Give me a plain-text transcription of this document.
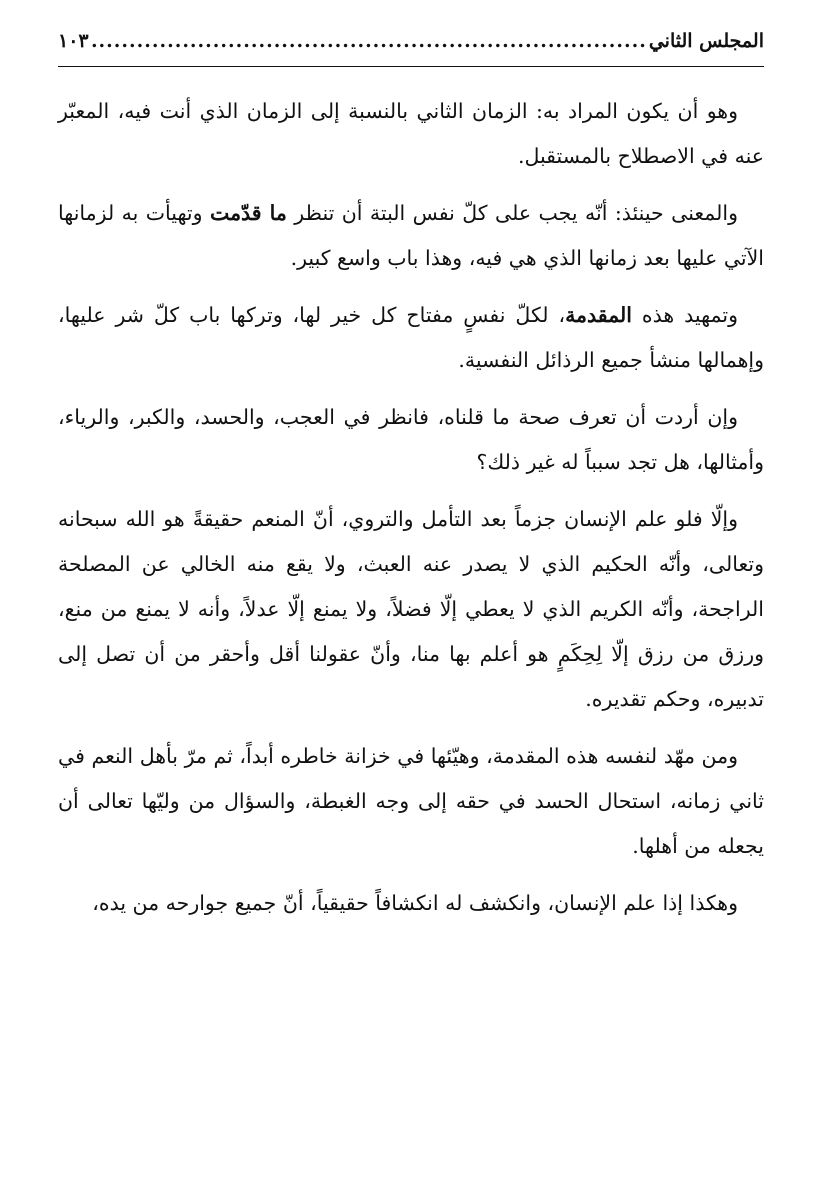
المجلس الثاني
.....
١٠٣

وهو أن يكون المراد به: الزمان الثاني بالنسبة إلى الزمان الذي أنت فيه، المعبّر عنه في الاصطلاح بالمستقبل.

والمعنى حينئذ: أنّه يجب على كلّ نفس البتة أن تنظر ما قدّمت وتهيأت به لزمانها الآتي عليها بعد زمانها الذي هي فيه، وهذا باب واسع كبير.

وتمهيد هذه المقدمة، لكلّ نفسٍ مفتاح كل خير لها، وتركها باب كلّ شر عليها، وإهمالها منشأ جميع الرذائل النفسية.

وإن أردت أن تعرف صحة ما قلناه، فانظر في العجب، والحسد، والكبر، والرياء، وأمثالها، هل تجد سبباً له غير ذلك؟

وإلّا فلو علم الإنسان جزماً بعد التأمل والتروي، أنّ المنعم حقيقةً هو الله سبحانه وتعالى، وأنّه الحكيم الذي لا يصدر عنه العبث، ولا يقع منه الخالي عن المصلحة الراجحة، وأنّه الكريم الذي لا يعطي إلّا فضلاً، ولا يمنع إلّا عدلاً، وأنه لا يمنع من منع، ورزق من رزق إلّا لِحِكَمٍ هو أعلم بها منا، وأنّ عقولنا أقل وأحقر من أن تصل إلى تدبيره، وحكم تقديره.

ومن مهّد لنفسه هذه المقدمة، وهيّئها في خزانة خاطره أبداً، ثم مرّ بأهل النعم في ثاني زمانه، استحال الحسد في حقه إلى وجه الغبطة، والسؤال من وليّها تعالى أن يجعله من أهلها.

وهكذا إذا علم الإنسان، وانكشف له انكشافاً حقيقياً، أنّ جميع جوارحه من يده،
